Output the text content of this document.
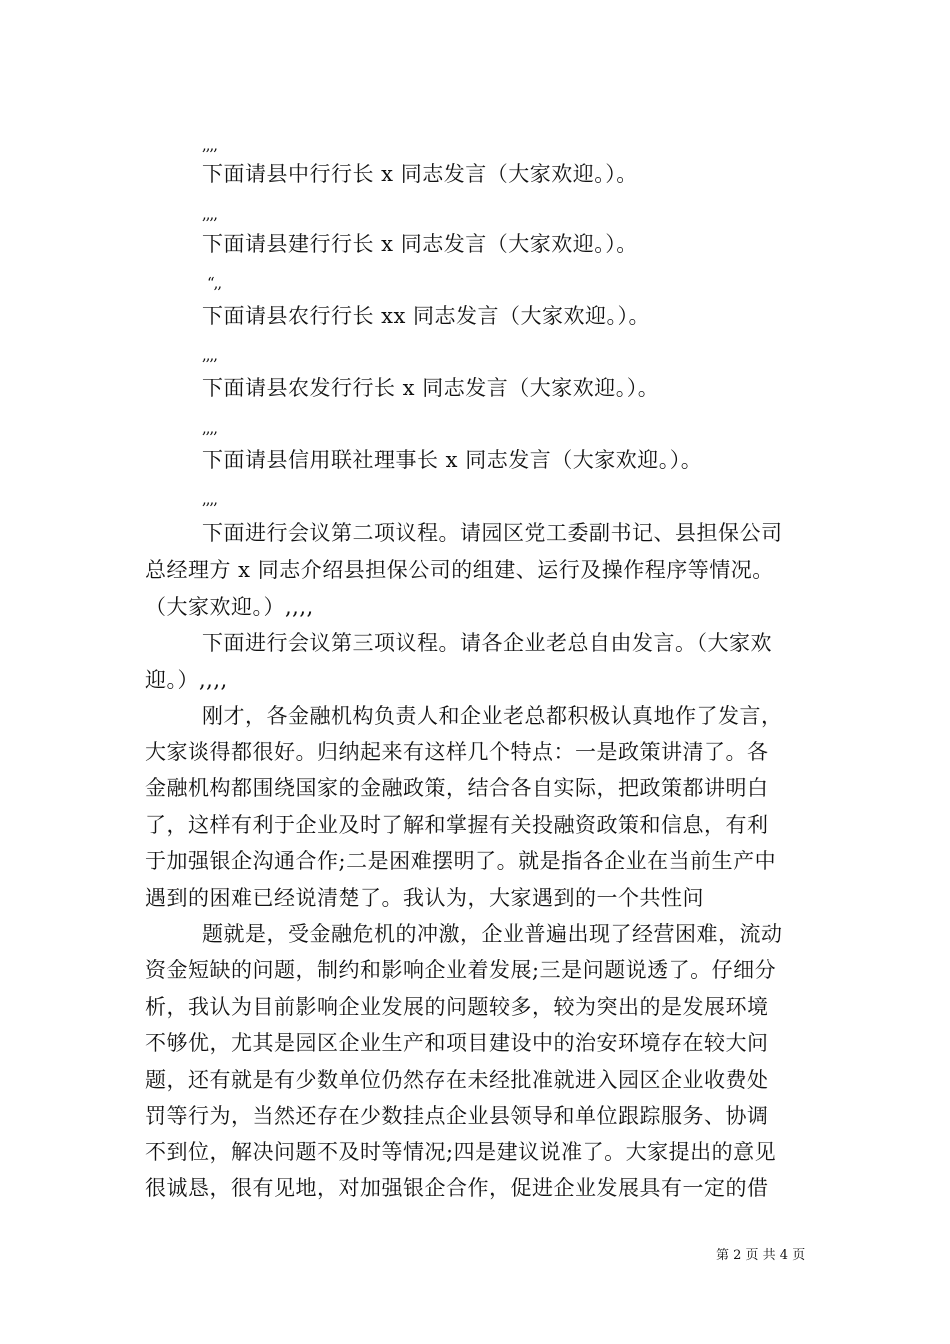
,,,,
下面请县中行行长 x 同志发言（大家欢迎。）。
,,,,
下面请县建行行长 x 同志发言（大家欢迎。）。
“,,
下面请县农行行长 xx 同志发言（大家欢迎。）。
,,,,
下面请县农发行行长 x 同志发言（大家欢迎。）。
,,,,
下面请县信用联社理事长 x 同志发言（大家欢迎。）。
,,,,
下面进行会议第二项议程。请园区党工委副书记、县担保公司
总经理方 x 同志介绍县担保公司的组建、运行及操作程序等情况。
（大家欢迎。）,,,,
下面进行会议第三项议程。请各企业老总自由发言。（大家欢
迎。）,,,,
刚才，各金融机构负责人和企业老总都积极认真地作了发言，
大家谈得都很好。归纳起来有这样几个特点：一是政策讲清了。各
金融机构都围绕国家的金融政策，结合各自实际，把政策都讲明白
了，这样有利于企业及时了解和掌握有关投融资政策和信息，有利
于加强银企沟通合作;二是困难摆明了。就是指各企业在当前生产中
遇到的困难已经说清楚了。我认为，大家遇到的一个共性问
题就是，受金融危机的冲激，企业普遍出现了经营困难，流动
资金短缺的问题，制约和影响企业着发展;三是问题说透了。仔细分
析，我认为目前影响企业发展的问题较多，较为突出的是发展环境
不够优，尤其是园区企业生产和项目建设中的治安环境存在较大问
题，还有就是有少数单位仍然存在未经批准就进入园区企业收费处
罚等行为，当然还存在少数挂点企业县领导和单位跟踪服务、协调
不到位，解决问题不及时等情况;四是建议说准了。大家提出的意见
很诚恳，很有见地，对加强银企合作，促进企业发展具有一定的借
第 2 页 共 4 页
